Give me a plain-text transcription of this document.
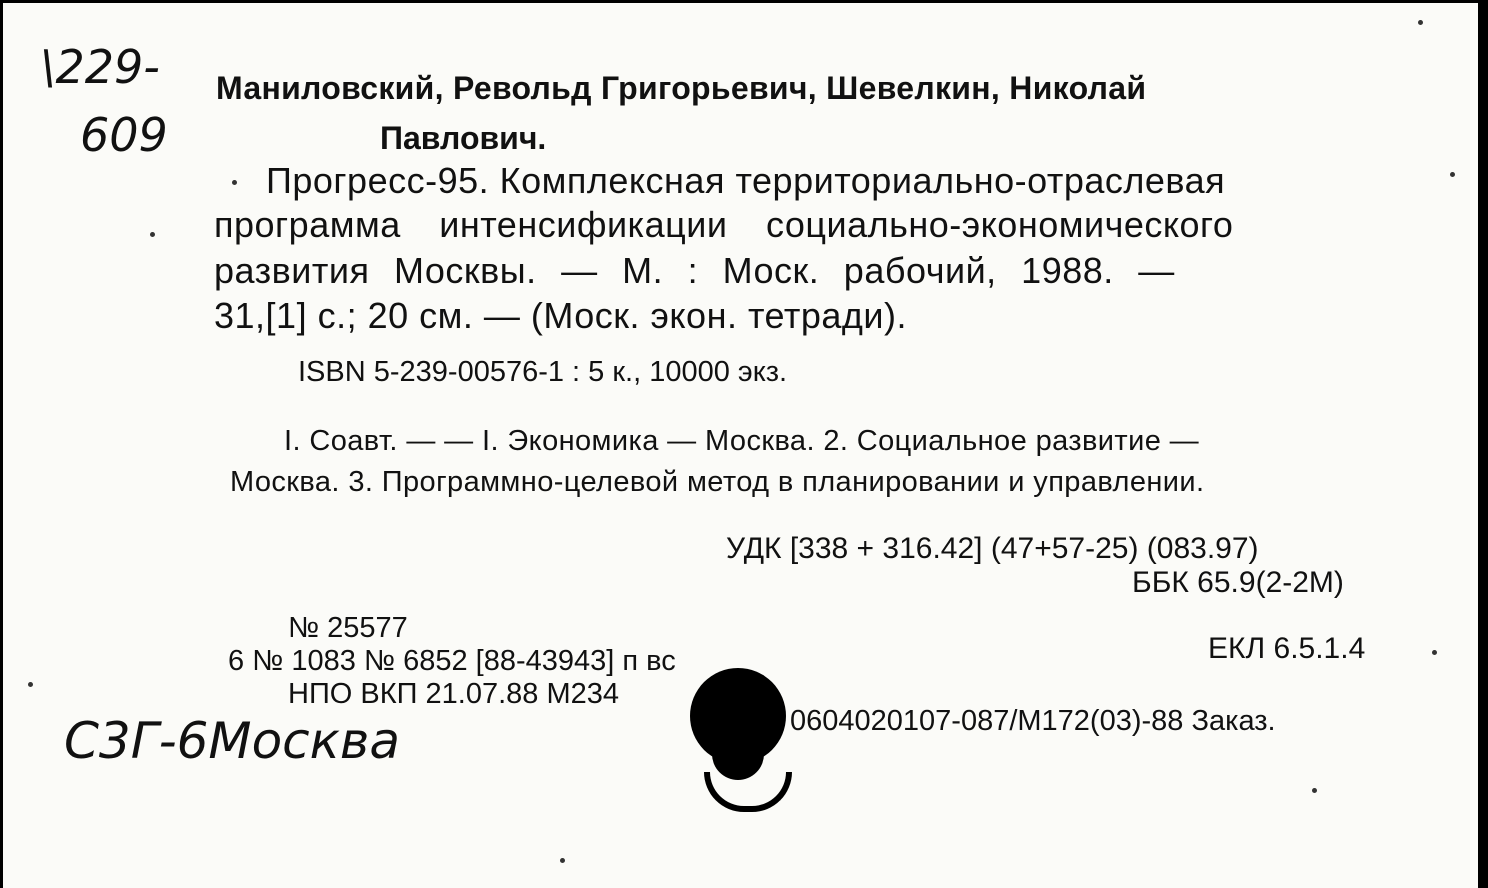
\229-
609
Маниловский, Револьд Григорьевич, Шевелкин, Николай
Павлович.
Прогресс-95. Комплексная территориально-отраслевая
программа интенсификации социально-экономического
развития Москвы. — М. : Моск. рабочий, 1988. —
31,[1] с.; 20 см. — (Моск. экон. тетради).
ISBN 5-239-00576-1 : 5 к., 10000 экз.
I. Соавт. — — I. Экономика — Москва. 2. Социальное развитие —
Москва. 3. Программно-целевой метод в планировании и управлении.
УДК [338 + 316.42] (47+57-25) (083.97)
ББК 65.9(2-2М)
ЕКЛ 6.5.1.4
№ 25577
6 № 1083 № 6852 [88-43943] п вс
НПО ВКП 21.07.88 М234
0604020107-087/М172(03)-88 Заказ.
С3Г-6Москва
